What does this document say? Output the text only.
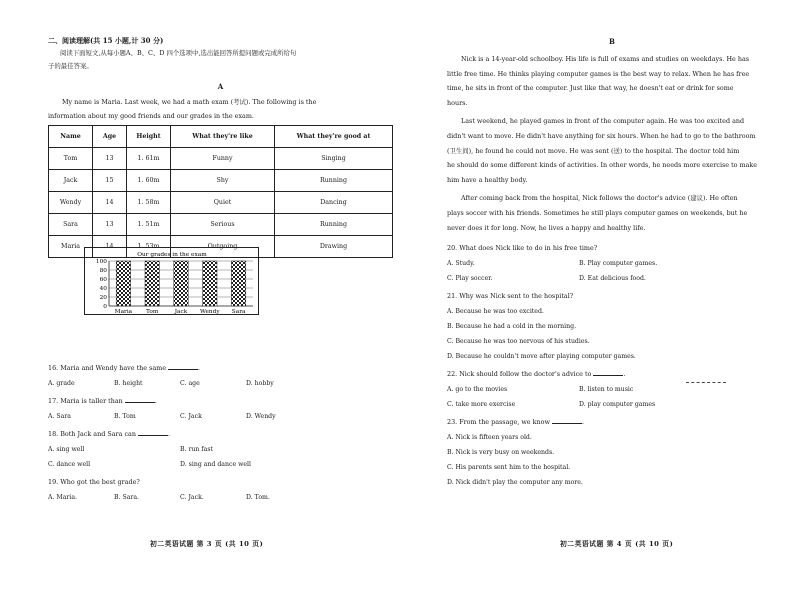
二、阅读理解(共 15 小题,计 30 分)
阅读下面短文,从每小题A、B、C、D 四个选项中,选出能回答所提问题或完成所给句
子的最佳答案。
A
My name is Maria. Last week, we had a math exam (考试). The following is the
information about my good friends and our grades in the exam.
Name	Age	Height	What they're like	What they're good at
Tom	13	1. 61m	Funny	Singing
Jack	15	1. 60m	Shy	Running
Wendy	14	1. 58m	Quiet	Dancing
Sara	13	1. 51m	Serious	Running
Maria	14	1. 53m	Outgoing	Drawing
Our grades in the exam
0
20
40
60
80
100
Maria Tom	Jack Wendy Sara
16. Maria and Wendy have the same	.
A. grade	B. height	C. age	D. hobby
17. Maria is taller than	.
A. Sara	B. Tom	C. Jack	D. Wendy
18. Both Jack and Sara can	.
A. sing well	B. run fast
C. dance well	D. sing and dance well
19. Who got the best grade?
A. Maria.	B. Sara.	C. Jack.	D. Tom.
初二英语试题 第 3 页 (共 10 页)
B
Nick is a 14-year-old schoolboy. His life is full of exams and studies on weekdays. He has
little free time. He thinks playing computer games is the best way to relax. When he has free
time, he sits in front of the computer. Just like that way, he doesn't eat or drink for some
hours.
Last weekend, he played games in front of the computer again. He was too excited and
didn't want to move. He didn't have anything for six hours. When he had to go to the bathroom
(卫生间), he found he could not move. He was sent (送) to the hospital. The doctor told him
he should do some different kinds of activities. In other words, he needs more exercise to make
him have a healthy body.
After coming back from the hospital, Nick follows the doctor's advice (建议). He often
plays soccer with his friends. Sometimes he still plays computer games on weekends, but he
never does it for long. Now, he lives a happy and healthy life.
20. What does Nick like to do in his free time?
A. Study.	B. Play computer games.
C. Play soccer.	D. Eat delicious food.
21. Why was Nick sent to the hospital?
A. Because he was too excited.
B. Because he had a cold in the morning.
C. Because he was too nervous of his studies.
D. Because he couldn't move after playing computer games.
22. Nick should follow the doctor's advice to	.
A. go to the movies	B. listen to music
C. take more exercise	D. play computer games
23. From the passage, we know	.
A. Nick is fifteen years old.
B. Nick is very busy on weekends.
C. His parents sent him to the hospital.
D. Nick didn't play the computer any more.
初二英语试题 第 4 页 (共 10 页)
